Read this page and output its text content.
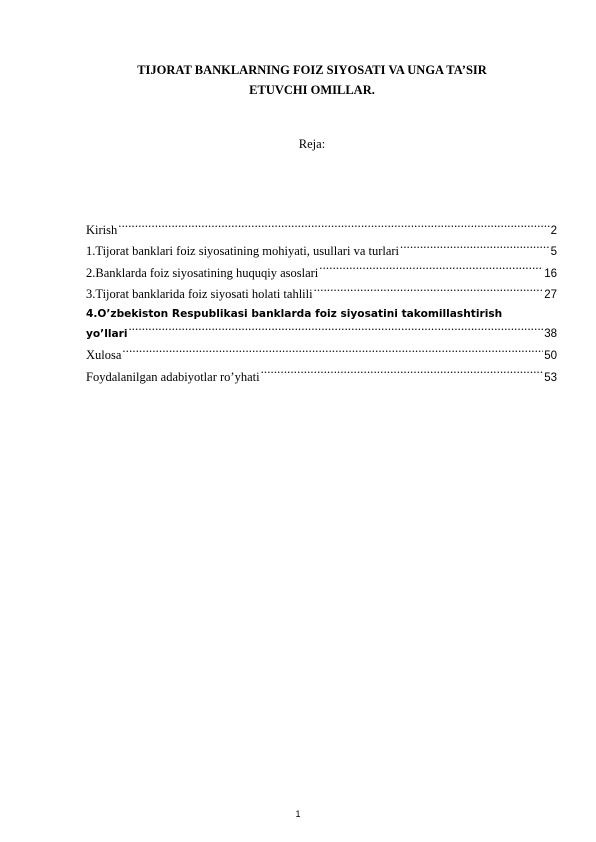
TIJORAT BANKLARNING FOIZ SIYOSATI VA UNGA TA’SIR
ETUVCHI OMILLAR.
Reja:
Kirish .....	2
1.Tijorat banklari foiz siyosatining mohiyati, usullari va turlari .....	5
2.Banklarda foiz siyosatining huquqiy asoslari .....	16
3.Tijorat banklarida foiz siyosati holati tahlili .....	27
4.O’zbekiston Respublikasi banklarda foiz siyosatini takomillashtirish
yo’llari .....	38
Xulosa .....	50
Foydalanilgan adabiyotlar ro’yhati .....	53
1
